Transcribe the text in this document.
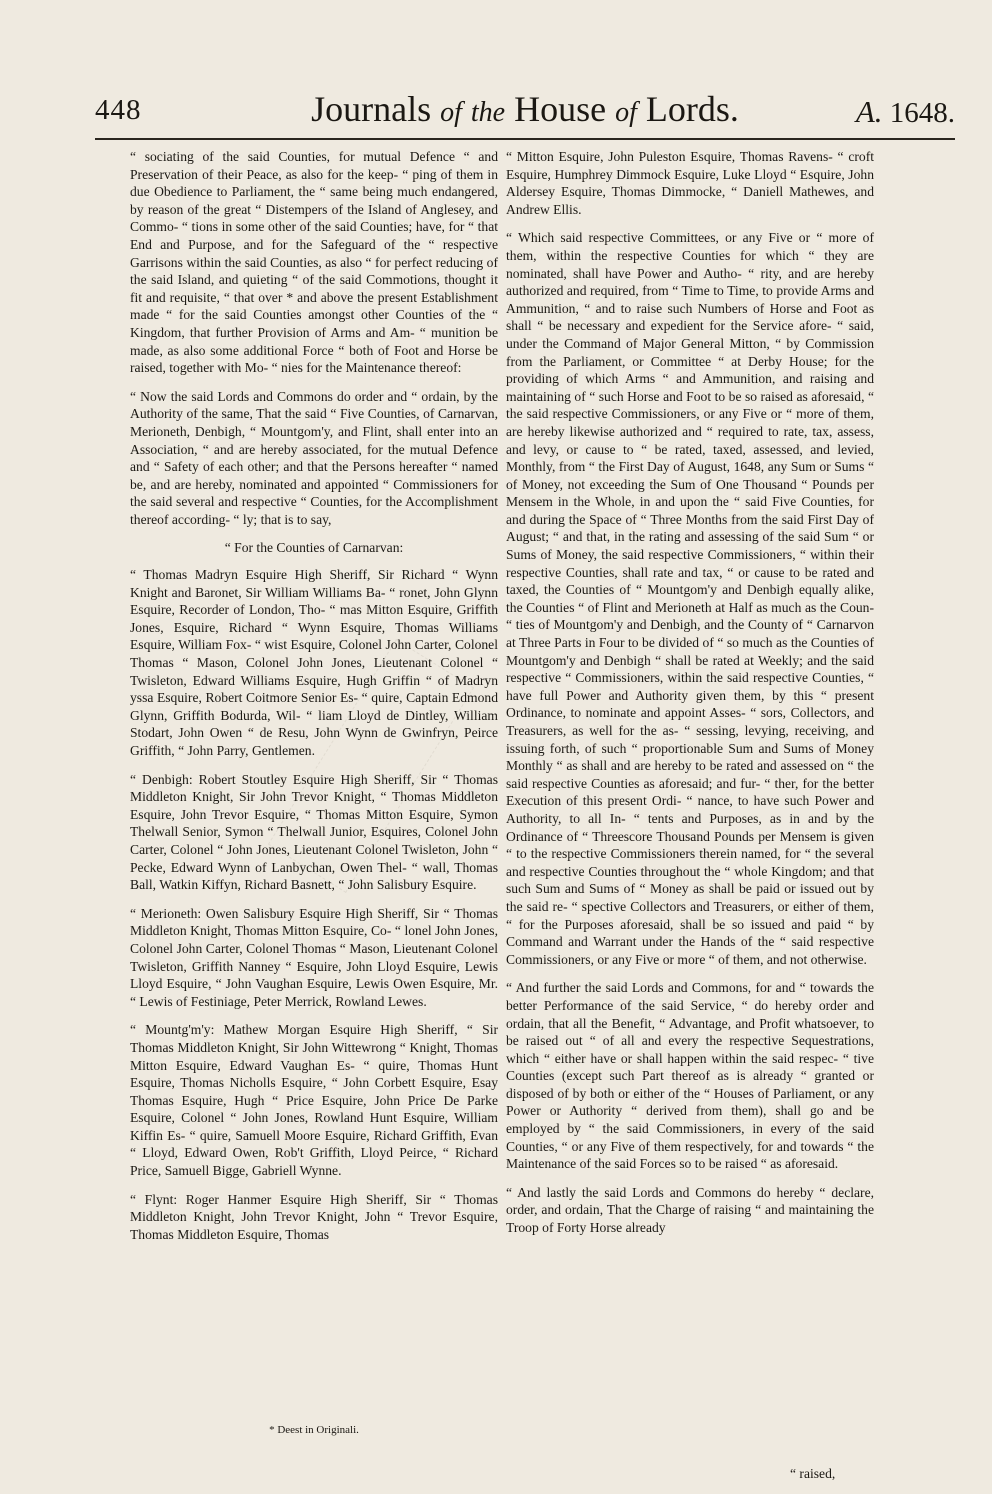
448	Journals of the House of Lords.	A. 1648.

“ sociating of the said Counties, for mutual Defence “ and Preservation of their Peace, as also for the keep- “ ping of them in due Obedience to Parliament, the “ same being much endangered, by reason of the great “ Distempers of the Island of Anglesey, and Commo- “ tions in some other of the said Counties; have, for “ that End and Purpose, and for the Safeguard of the “ respective Garrisons within the said Counties, as also “ for perfect reducing of the said Island, and quieting “ of the said Commotions, thought it fit and requisite, “ that over * and above the present Establishment made “ for the said Counties amongst other Counties of the “ Kingdom, that further Provision of Arms and Am- “ munition be made, as also some additional Force “ both of Foot and Horse be raised, together with Mo- “ nies for the Maintenance thereof:

“ Now the said Lords and Commons do order and “ ordain, by the Authority of the same, That the said “ Five Counties, of Carnarvan, Merioneth, Denbigh, “ Mountgom'y, and Flint, shall enter into an Association, “ and are hereby associated, for the mutual Defence and “ Safety of each other; and that the Persons hereafter “ named be, and are hereby, nominated and appointed “ Commissioners for the said several and respective “ Counties, for the Accomplishment thereof according- “ ly; that is to say,

“ For the Counties of Carnarvan:

“ Thomas Madryn Esquire High Sheriff, Sir Richard “ Wynn Knight and Baronet, Sir William Williams Ba- “ ronet, John Glynn Esquire, Recorder of London, Tho- “ mas Mitton Esquire, Griffith Jones, Esquire, Richard “ Wynn Esquire, Thomas Williams Esquire, William Fox- “ wist Esquire, Colonel John Carter, Colonel Thomas “ Mason, Colonel John Jones, Lieutenant Colonel “ Twisleton, Edward Williams Esquire, Hugh Griffin “ of Madryn yssa Esquire, Robert Coitmore Senior Es- “ quire, Captain Edmond Glynn, Griffith Bodurda, Wil- “ liam Lloyd de Dintley, William Stodart, John Owen “ de Resu, John Wynn de Gwinfryn, Peirce Griffith, “ John Parry, Gentlemen.

“ Denbigh: Robert Stoutley Esquire High Sheriff, Sir “ Thomas Middleton Knight, Sir John Trevor Knight, “ Thomas Middleton Esquire, John Trevor Esquire, “ Thomas Mitton Esquire, Symon Thelwall Senior, Symon “ Thelwall Junior, Esquires, Colonel John Carter, Colonel “ John Jones, Lieutenant Colonel Twisleton, John “ Pecke, Edward Wynn of Lanbychan, Owen Thel- “ wall, Thomas Ball, Watkin Kiffyn, Richard Basnett, “ John Salisbury Esquire.

“ Merioneth: Owen Salisbury Esquire High Sheriff, Sir “ Thomas Middleton Knight, Thomas Mitton Esquire, Co- “ lonel John Jones, Colonel John Carter, Colonel Thomas “ Mason, Lieutenant Colonel Twisleton, Griffith Nanney “ Esquire, John Lloyd Esquire, Lewis Lloyd Esquire, “ John Vaughan Esquire, Lewis Owen Esquire, Mr. “ Lewis of Festiniage, Peter Merrick, Rowland Lewes.

“ Mountg'm'y: Mathew Morgan Esquire High Sheriff, “ Sir Thomas Middleton Knight, Sir John Wittewrong “ Knight, Thomas Mitton Esquire, Edward Vaughan Es- “ quire, Thomas Hunt Esquire, Thomas Nicholls Esquire, “ John Corbett Esquire, Esay Thomas Esquire, Hugh “ Price Esquire, John Price De Parke Esquire, Colonel “ John Jones, Rowland Hunt Esquire, William Kiffin Es- “ quire, Samuell Moore Esquire, Richard Griffith, Evan “ Lloyd, Edward Owen, Rob't Griffith, Lloyd Peirce, “ Richard Price, Samuell Bigge, Gabriell Wynne.

“ Flynt: Roger Hanmer Esquire High Sheriff, Sir “ Thomas Middleton Knight, John Trevor Knight, John “ Trevor Esquire, Thomas Middleton Esquire, Thomas

* Deest in Originali.

“ Mitton Esquire, John Puleston Esquire, Thomas Ravens- “ croft Esquire, Humphrey Dimmock Esquire, Luke Lloyd “ Esquire, John Aldersey Esquire, Thomas Dimmocke, “ Daniell Mathewes, and Andrew Ellis.

“ Which said respective Committees, or any Five or “ more of them, within the respective Counties for which “ they are nominated, shall have Power and Autho- “ rity, and are hereby authorized and required, from “ Time to Time, to provide Arms and Ammunition, “ and to raise such Numbers of Horse and Foot as shall “ be necessary and expedient for the Service afore- “ said, under the Command of Major General Mitton, “ by Commission from the Parliament, or Committee “ at Derby House; for the providing of which Arms “ and Ammunition, and raising and maintaining of “ such Horse and Foot to be so raised as aforesaid, “ the said respective Commissioners, or any Five or “ more of them, are hereby likewise authorized and “ required to rate, tax, assess, and levy, or cause to “ be rated, taxed, assessed, and levied, Monthly, from “ the First Day of August, 1648, any Sum or Sums “ of Money, not exceeding the Sum of One Thousand “ Pounds per Mensem in the Whole, in and upon the “ said Five Counties, for and during the Space of “ Three Months from the said First Day of August; “ and that, in the rating and assessing of the said Sum “ or Sums of Money, the said respective Commissioners, “ within their respective Counties, shall rate and tax, “ or cause to be rated and taxed, the Counties of “ Mountgom'y and Denbigh equally alike, the Counties “ of Flint and Merioneth at Half as much as the Coun- “ ties of Mountgom'y and Denbigh, and the County of “ Carnarvon at Three Parts in Four to be divided of “ so much as the Counties of Mountgom'y and Denbigh “ shall be rated at Weekly; and the said respective “ Commissioners, within the said respective Counties, “ have full Power and Authority given them, by this “ present Ordinance, to nominate and appoint Asses- “ sors, Collectors, and Treasurers, as well for the as- “ sessing, levying, receiving, and issuing forth, of such “ proportionable Sum and Sums of Money Monthly “ as shall and are hereby to be rated and assessed on “ the said respective Counties as aforesaid; and fur- “ ther, for the better Execution of this present Ordi- “ nance, to have such Power and Authority, to all In- “ tents and Purposes, as in and by the Ordinance of “ Threescore Thousand Pounds per Mensem is given “ to the respective Commissioners therein named, for “ the several and respective Counties throughout the “ whole Kingdom; and that such Sum and Sums of “ Money as shall be paid or issued out by the said re- “ spective Collectors and Treasurers, or either of them, “ for the Purposes aforesaid, shall be so issued and paid “ by Command and Warrant under the Hands of the “ said respective Commissioners, or any Five or more “ of them, and not otherwise.

“ And further the said Lords and Commons, for and “ towards the better Performance of the said Service, “ do hereby order and ordain, that all the Benefit, “ Advantage, and Profit whatsoever, to be raised out “ of all and every the respective Sequestrations, which “ either have or shall happen within the said respec- “ tive Counties (except such Part thereof as is already “ granted or disposed of by both or either of the “ Houses of Parliament, or any Power or Authority “ derived from them), shall go and be employed by “ the said Commissioners, in every of the said Counties, “ or any Five of them respectively, for and towards “ the Maintenance of the said Forces so to be raised “ as aforesaid.

“ And lastly the said Lords and Commons do hereby “ declare, order, and ordain, That the Charge of raising “ and maintaining the Troop of Forty Horse already

“ raised,
